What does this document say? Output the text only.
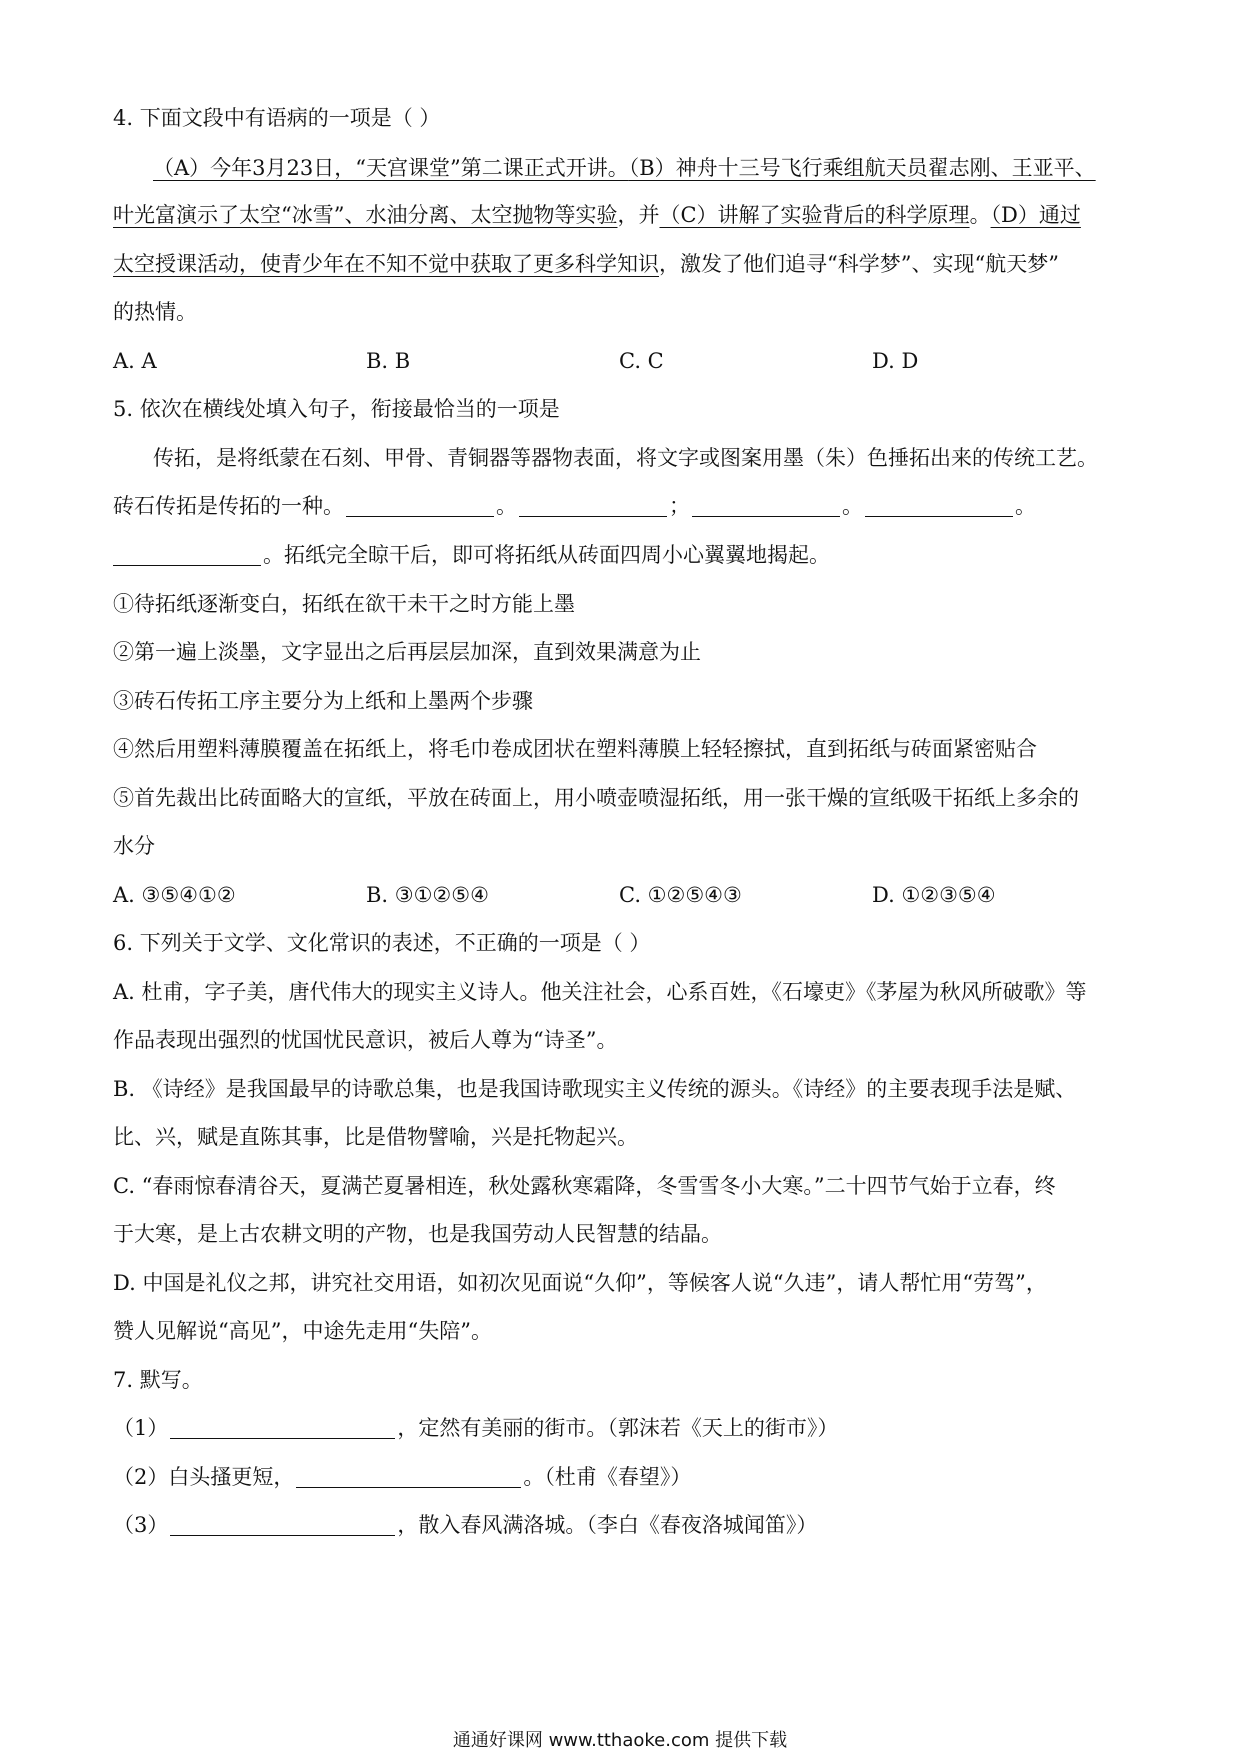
4. 下面文段中有语病的一项是（ ）
（A）今年3月23日，“天宫课堂”第二课正式开讲。（B）神舟十三号飞行乘组航天员翟志刚、王亚平、
叶光富演示了太空“冰雪”、水油分离、太空抛物等实验，并（C）讲解了实验背后的科学原理。（D）通过
太空授课活动，使青少年在不知不觉中获取了更多科学知识，激发了他们追寻“科学梦”、实现“航天梦”
的热情。
A. A	B. B	C. C	D. D
5. 依次在横线处填入句子，衔接最恰当的一项是
传拓，是将纸蒙在石刻、甲骨、青铜器等器物表面，将文字或图案用墨（朱）色捶拓出来的传统工艺。
砖石传拓是传拓的一种。	。	；	。	。
。拓纸完全晾干后，即可将拓纸从砖面四周小心翼翼地揭起。
①待拓纸逐渐变白，拓纸在欲干未干之时方能上墨
②第一遍上淡墨，文字显出之后再层层加深，直到效果满意为止
③砖石传拓工序主要分为上纸和上墨两个步骤
④然后用塑料薄膜覆盖在拓纸上，将毛巾卷成团状在塑料薄膜上轻轻擦拭，直到拓纸与砖面紧密贴合
⑤首先裁出比砖面略大的宣纸，平放在砖面上，用小喷壶喷湿拓纸，用一张干燥的宣纸吸干拓纸上多余的
水分
A. ③⑤④①②	B. ③①②⑤④	C. ①②⑤④③	D. ①②③⑤④
6. 下列关于文学、文化常识的表述，不正确的一项是（ ）
A. 杜甫，字子美，唐代伟大的现实主义诗人。他关注社会，心系百姓，《石壕吏》《茅屋为秋风所破歌》等
作品表现出强烈的忧国忧民意识，被后人尊为“诗圣”。
B. 《诗经》是我国最早的诗歌总集，也是我国诗歌现实主义传统的源头。《诗经》的主要表现手法是赋、
比、兴，赋是直陈其事，比是借物譬喻，兴是托物起兴。
C. “春雨惊春清谷天，夏满芒夏暑相连，秋处露秋寒霜降，冬雪雪冬小大寒。”二十四节气始于立春，终
于大寒，是上古农耕文明的产物，也是我国劳动人民智慧的结晶。
D. 中国是礼仪之邦，讲究社交用语，如初次见面说“久仰”，等候客人说“久违”，请人帮忙用“劳驾”，
赞人见解说“高见”，中途先走用“失陪”。
7. 默写。
（1）	，定然有美丽的街市。（郭沫若《天上的街市》）
（2）白头搔更短，	。（杜甫《春望》）
（3）	，散入春风满洛城。（李白《春夜洛城闻笛》）
通通好课网 www.tthaoke.com 提供下载
